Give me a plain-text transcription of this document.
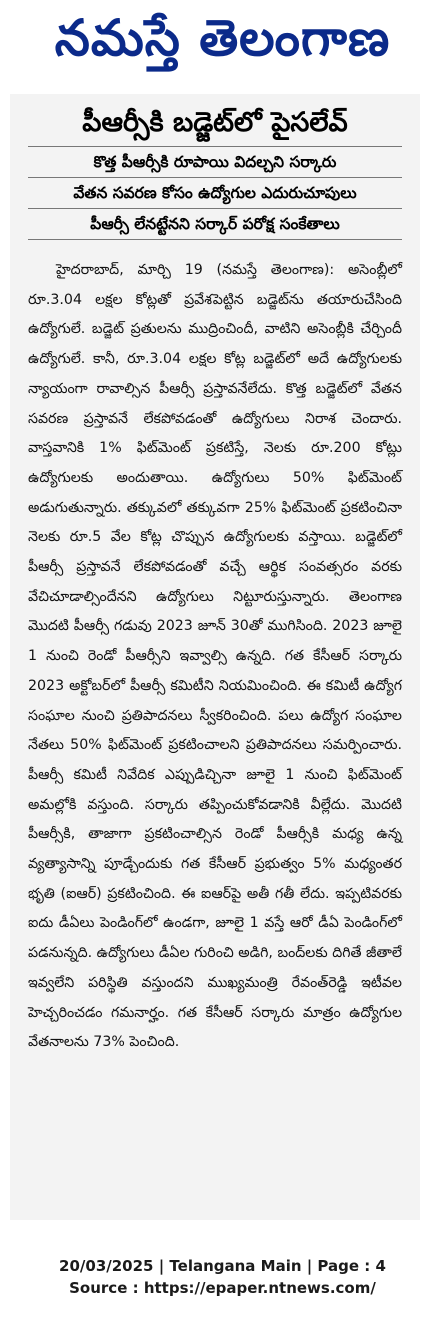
నమస్తే తెలంగాణ
పీఆర్సీకి బడ్జెట్‌లో పైసలేవ్
కొత్త పీఆర్సీకి రూపాయి విదల్చని సర్కారు
వేతన సవరణ కోసం ఉద్యోగుల ఎదురుచూపులు
పీఆర్సీ లేనట్టేనని సర్కార్ పరోక్ష సంకేతాలు
హైదరాబాద్, మార్చి 19 (నమస్తే తెలంగాణ): అసెంబ్లీలో రూ.3.04 లక్షల కోట్లతో ప్రవేశపెట్టిన బడ్జెట్‌ను తయారుచేసింది ఉద్యోగులే. బడ్జెట్ ప్రతులను ముద్రించిందీ, వాటిని అసెంబ్లీకి చేర్చిందీ ఉద్యోగులే. కానీ, రూ.3.04 లక్షల కోట్ల బడ్జెట్‌లో అదే ఉద్యోగులకు న్యాయంగా రావాల్సిన పీఆర్సీ ప్రస్తావనేలేదు. కొత్త బడ్జెట్‌లో వేతన సవరణ ప్రస్తావనే లేకపోవడంతో ఉద్యోగులు నిరాశ చెందారు. వాస్తవానికి 1% ఫిట్‌మెంట్ ప్రకటిస్తే, నెలకు రూ.200 కోట్లు ఉద్యోగులకు అందుతాయి. ఉద్యోగులు 50% ఫిట్‌మెంట్ అడుగుతున్నారు. తక్కువలో తక్కువగా 25% ఫిట్‌మెంట్ ప్రకటించినా నెలకు రూ.5 వేల కోట్ల చొప్పున ఉద్యోగులకు వస్తాయి. బడ్జెట్‌లో పీఆర్సీ ప్రస్తావనే లేకపోవడంతో వచ్చే ఆర్థిక సంవత్సరం వరకు వేచిచూడాల్సిందేనని ఉద్యోగులు నిట్టూరుస్తున్నారు. తెలంగాణ మొదటి పీఆర్సీ గడువు 2023 జూన్ 30తో ముగిసింది. 2023 జూలై 1 నుంచి రెండో పీఆర్సీని ఇవ్వాల్సి ఉన్నది. గత కేసీఆర్ సర్కారు 2023 అక్టోబర్‌లో పీఆర్సీ కమిటీని నియమించింది. ఈ కమిటీ ఉద్యోగ సంఘాల నుంచి ప్రతిపాదనలు స్వీకరించింది. పలు ఉద్యోగ సంఘాల నేతలు 50% ఫిట్‌మెంట్ ప్రకటించాలని ప్రతిపాదనలు సమర్పించారు. పీఆర్సీ కమిటీ నివేదిక ఎప్పుడిచ్చినా జూలై 1 నుంచి ఫిట్‌మెంట్ అమల్లోకి వస్తుంది. సర్కారు తప్పించుకోవడానికి వీల్లేదు. మొదటి పీఆర్సీకి, తాజాగా ప్రకటించాల్సిన రెండో పీఆర్సీకి మధ్య ఉన్న వ్యత్యాసాన్ని పూడ్చేందుకు గత కేసీఆర్ ప్రభుత్వం 5% మధ్యంతర భృతి (ఐఆర్) ప్రకటించింది. ఈ ఐఆర్‌పై అతీ గతీ లేదు. ఇప్పటివరకు ఐదు డీఏలు పెండింగ్‌లో ఉండగా, జూలై 1 వస్తే ఆరో డీఏ పెండింగ్‌లో పడనున్నది. ఉద్యోగులు డీఏల గురించి అడిగి, బంద్‌లకు దిగితే జీతాలే ఇవ్వలేని పరిస్థితి వస్తుందని ముఖ్యమంత్రి రేవంత్‌రెడ్డి ఇటీవల హెచ్చరించడం గమనార్హం. గత కేసీఆర్ సర్కారు మాత్రం ఉద్యోగుల వేతనాలను 73% పెంచింది.
20/03/2025 | Telangana Main | Page : 4
Source : https://epaper.ntnews.com/
